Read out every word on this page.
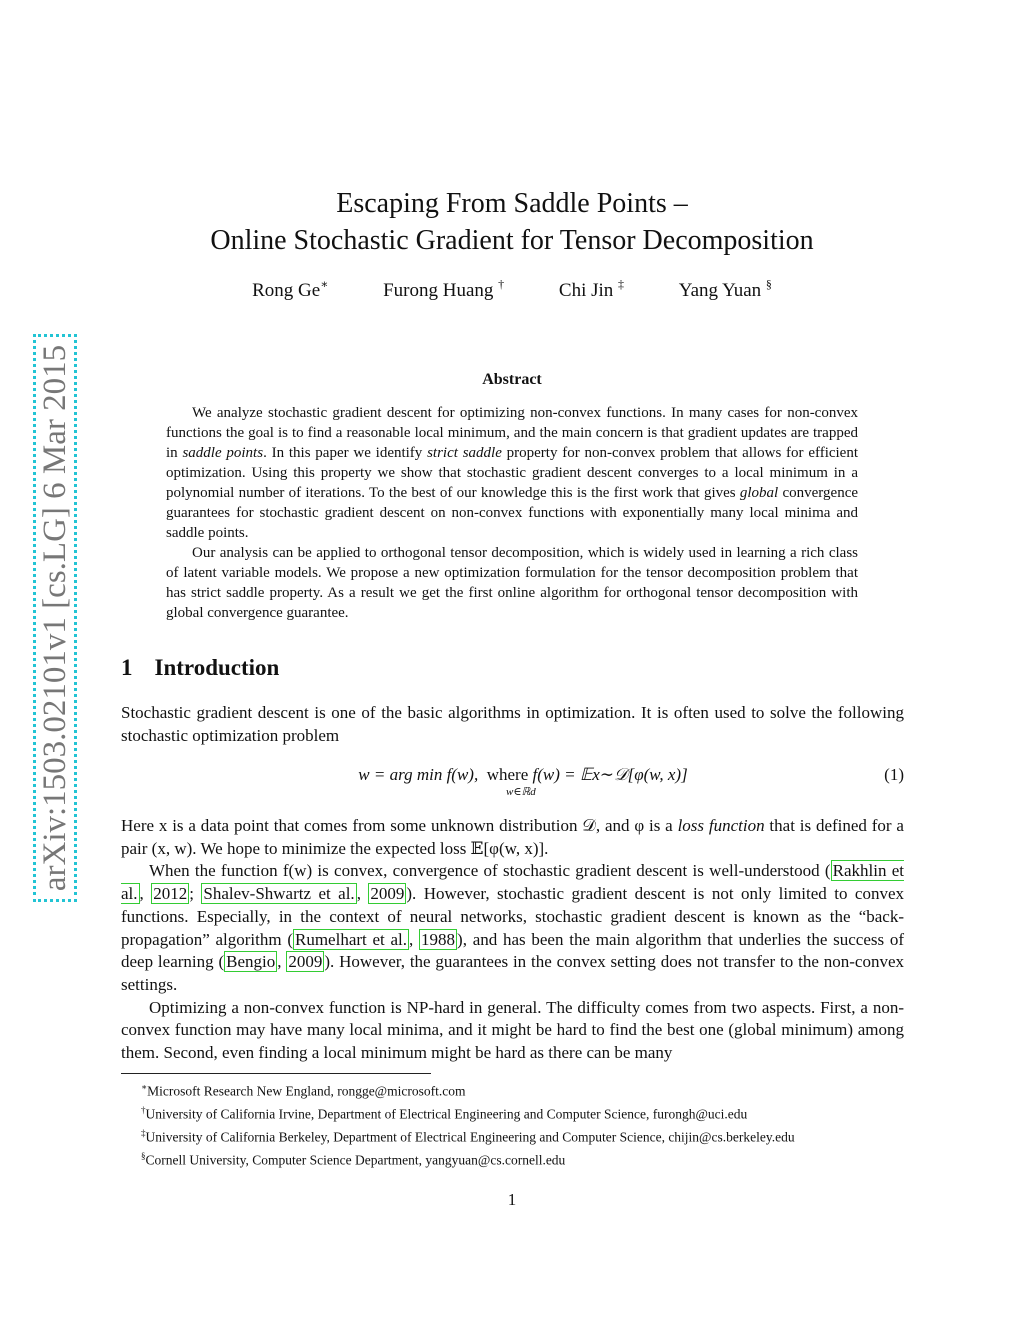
arXiv:1503.02101v1 [cs.LG] 6 Mar 2015
Escaping From Saddle Points –
Online Stochastic Gradient for Tensor Decomposition
Rong Ge∗	Furong Huang †	Chi Jin ‡	Yang Yuan §
Abstract

We analyze stochastic gradient descent for optimizing non-convex functions. In many cases for non-convex functions the goal is to find a reasonable local minimum, and the main concern is that gradient updates are trapped in saddle points. In this paper we identify strict saddle property for non-convex problem that allows for efficient optimization. Using this property we show that stochastic gradient descent converges to a local minimum in a polynomial number of iterations. To the best of our knowledge this is the first work that gives global convergence guarantees for stochastic gradient descent on non-convex functions with exponentially many local minima and saddle points.

Our analysis can be applied to orthogonal tensor decomposition, which is widely used in learning a rich class of latent variable models. We propose a new optimization formulation for the tensor decomposition problem that has strict saddle property. As a result we get the first online algorithm for orthogonal tensor decomposition with global convergence guarantee.

1 Introduction

Stochastic gradient descent is one of the basic algorithms in optimization. It is often used to solve the following stochastic optimization problem

w = arg min f(w), where f(w) = 𝔼x∼𝒟[φ(w, x)]
w∈ℝd
(1)

Here x is a data point that comes from some unknown distribution 𝒟, and φ is a loss function that is defined for a pair (x, w). We hope to minimize the expected loss 𝔼[φ(w, x)].

When the function f(w) is convex, convergence of stochastic gradient descent is well-understood ( Rakhlin et al. , 2012 ; Shalev-Shwartz et al. , 2009 ). However, stochastic gradient descent is not only limited to convex functions. Especially, in the context of neural networks, stochastic gradient descent is known as the “back-propagation” algorithm ( Rumelhart et al. , 1988 ), and has been the main algorithm that underlies the success of deep learning ( Bengio , 2009 ). However, the guarantees in the convex setting does not transfer to the non-convex settings.

Optimizing a non-convex function is NP-hard in general. The difficulty comes from two aspects. First, a non-convex function may have many local minima, and it might be hard to find the best one (global minimum) among them. Second, even finding a local minimum might be hard as there can be many

∗Microsoft Research New England, rongge@microsoft.com
†University of California Irvine, Department of Electrical Engineering and Computer Science, furongh@uci.edu
‡University of California Berkeley, Department of Electrical Engineering and Computer Science, chijin@cs.berkeley.edu
§Cornell University, Computer Science Department, yangyuan@cs.cornell.edu
1
